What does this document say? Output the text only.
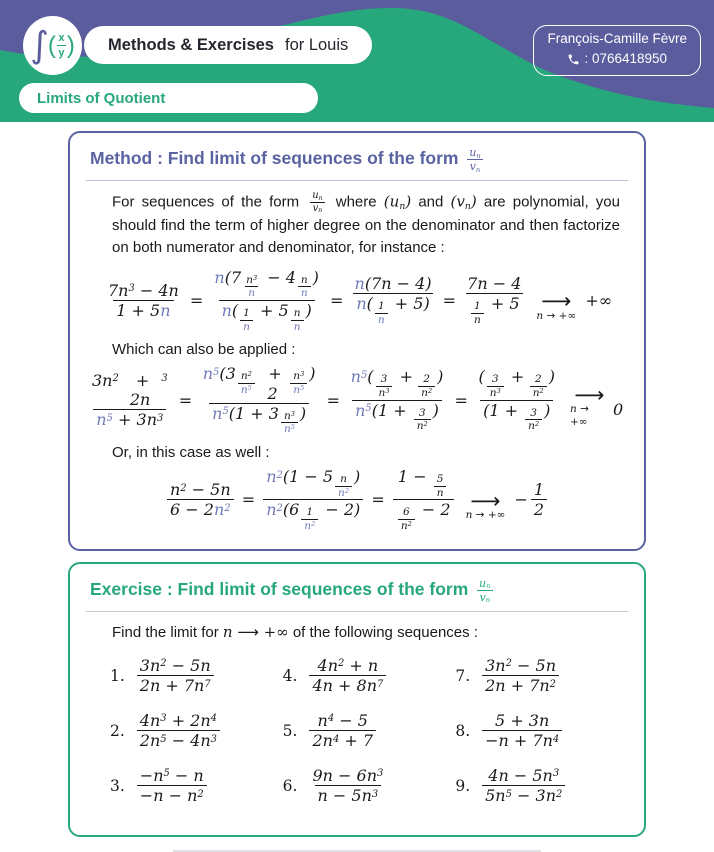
∫ ( $\frac{x}{y}$ ) Methods & Exercises for Louis	François-Camille Fèvre
: 0766418950
Limits of Quotient
Method : Find limit of sequences of the form $\frac{\text{u n}}{\text{v n}}$

For sequences of the form $\frac{\text{u n}}{\text{v n}}$ where (un) and (vn) are polynomial, you should find the term of higher degree on the denominator and then factorize on both numerator and denominator, for instance :

$\frac{7n 3 - 4n}{1 + 5 n} = \frac{n (7 \frac{n 3}{n} - 4 \frac{n}{n} )}{n ( \frac{1}{n} + 5 \frac{n}{n} )} = \frac{n (7n - 4)}{n ( \frac{1}{n} + 5)} = \frac{7n - 4}{\frac{1}{n} + 5}$ ⟶
n → +∞
+∞

Which can also be applied :

3n 2 + 2n
3
n 5 + 3n 3 = n 5 ($3 \frac{n 2}{n 5} + 2$	$\frac{n 3}{n 5}$ )
n 5 ($1 + 3 \frac{n 3}{n 5}$ ) = $\frac{n 5 ( \frac{3}{n 3} + \frac{2}{n 2} )}{n 5 (1 + \frac{3}{n 2} )} = \frac{( \frac{3}{n 3} + \frac{2}{n 2} )}{(1 + \frac{3}{n 2} )}$ ⟶
n → +∞
0

Or, in this case as well :

$\frac{n 2 - 5n}{6 - 2 n 2} = \frac{n 2 (1 - 5 \frac{n}{n 2} )}{n 2 (6 \frac{1}{n 2} - 2)} = \frac{1 - \frac{5}{n}}{\frac{6}{n 2} - 2}$ ⟶
n → +∞
− $\frac{1}{2}$
Exercise : Find limit of sequences of the form $\frac{\text{u n}}{\text{v n}}$

Find the limit for n ⟶ +∞ of the following sequences :

1. $\frac{3n 2 - 5n}{2n + 7n 7}$
2. $\frac{4n 3 + 2n 4}{2n 5 - 4n 3}$
3. $\frac{-n 5 - n}{-n - n 2}$
4. $\frac{4n 2 + n}{4n + 8n 7}$
5. $\frac{n 4 - 5}{2n 4 + 7}$
6. $\frac{9n - 6n 3}{n - 5n 3}$
7. $\frac{3n 2 - 5n}{2n + 7n 2}$
8. $\frac{5 + 3n}{-n + 7n 4}$
9. $\frac{4n - 5n 3}{5n 5 - 3n 2}$
